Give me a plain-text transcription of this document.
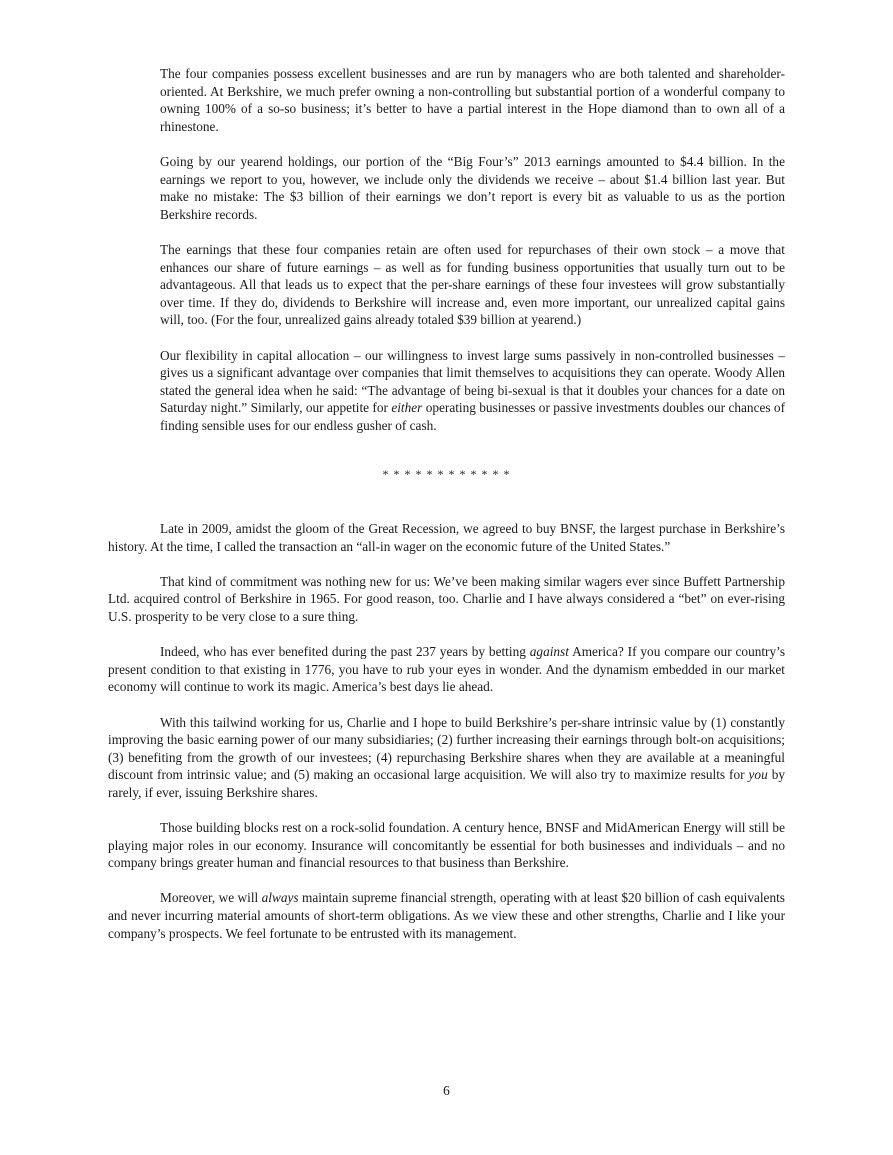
The four companies possess excellent businesses and are run by managers who are both talented and shareholder-oriented. At Berkshire, we much prefer owning a non-controlling but substantial portion of a wonderful company to owning 100% of a so-so business; it’s better to have a partial interest in the Hope diamond than to own all of a rhinestone.

Going by our yearend holdings, our portion of the “Big Four’s” 2013 earnings amounted to $4.4 billion. In the earnings we report to you, however, we include only the dividends we receive – about $1.4 billion last year. But make no mistake: The $3 billion of their earnings we don’t report is every bit as valuable to us as the portion Berkshire records.

The earnings that these four companies retain are often used for repurchases of their own stock – a move that enhances our share of future earnings – as well as for funding business opportunities that usually turn out to be advantageous. All that leads us to expect that the per-share earnings of these four investees will grow substantially over time. If they do, dividends to Berkshire will increase and, even more important, our unrealized capital gains will, too. (For the four, unrealized gains already totaled $39 billion at yearend.)

Our flexibility in capital allocation – our willingness to invest large sums passively in non-controlled businesses – gives us a significant advantage over companies that limit themselves to acquisitions they can operate. Woody Allen stated the general idea when he said: “The advantage of being bi-sexual is that it doubles your chances for a date on Saturday night.” Similarly, our appetite for either operating businesses or passive investments doubles our chances of finding sensible uses for our endless gusher of cash.

* * * * * * * * * * * *

Late in 2009, amidst the gloom of the Great Recession, we agreed to buy BNSF, the largest purchase in Berkshire’s history. At the time, I called the transaction an “all-in wager on the economic future of the United States.”

That kind of commitment was nothing new for us: We’ve been making similar wagers ever since Buffett Partnership Ltd. acquired control of Berkshire in 1965. For good reason, too. Charlie and I have always considered a “bet” on ever-rising U.S. prosperity to be very close to a sure thing.

Indeed, who has ever benefited during the past 237 years by betting against America? If you compare our country’s present condition to that existing in 1776, you have to rub your eyes in wonder. And the dynamism embedded in our market economy will continue to work its magic. America’s best days lie ahead.

With this tailwind working for us, Charlie and I hope to build Berkshire’s per-share intrinsic value by (1) constantly improving the basic earning power of our many subsidiaries; (2) further increasing their earnings through bolt-on acquisitions; (3) benefiting from the growth of our investees; (4) repurchasing Berkshire shares when they are available at a meaningful discount from intrinsic value; and (5) making an occasional large acquisition. We will also try to maximize results for you by rarely, if ever, issuing Berkshire shares.

Those building blocks rest on a rock-solid foundation. A century hence, BNSF and MidAmerican Energy will still be playing major roles in our economy. Insurance will concomitantly be essential for both businesses and individuals – and no company brings greater human and financial resources to that business than Berkshire.

Moreover, we will always maintain supreme financial strength, operating with at least $20 billion of cash equivalents and never incurring material amounts of short-term obligations. As we view these and other strengths, Charlie and I like your company’s prospects. We feel fortunate to be entrusted with its management.

6
